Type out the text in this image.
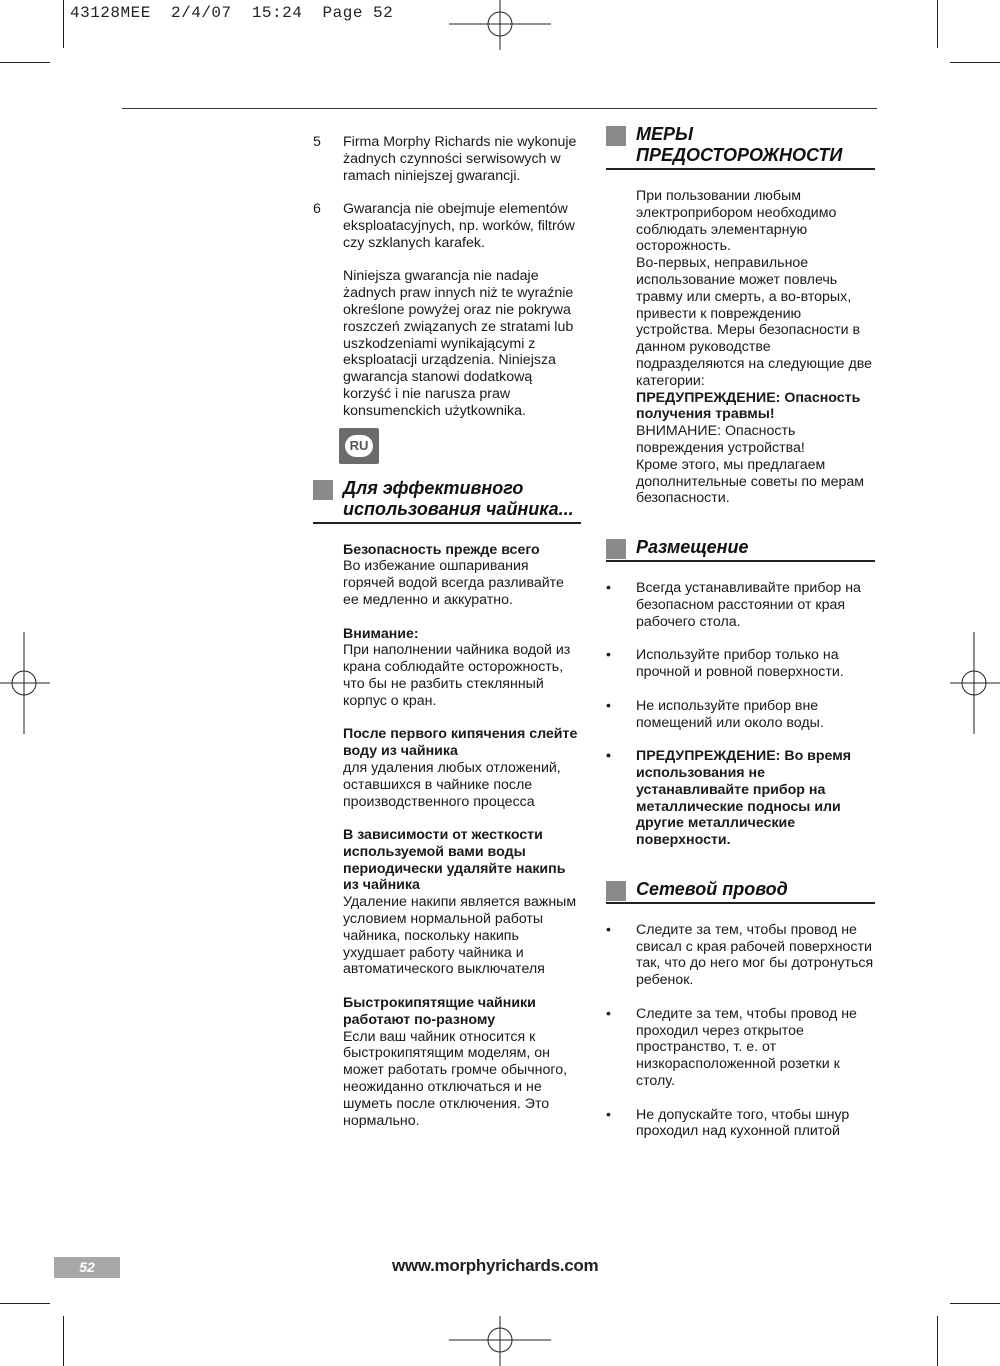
43128MEE  2/4/07  15:24  Page 52
5 Firma Morphy Richards nie wykonuje żadnych czynności serwisowych w ramach niniejszej gwarancji.

6 Gwarancja nie obejmuje elementów eksploatacyjnych, np. worków, filtrów czy szklanych karafek.

Niniejsza gwarancja nie nadaje żadnych praw innych niż te wyraźnie określone powyżej oraz nie pokrywa roszczeń związanych ze stratami lub uszkodzeniami wynikającymi z eksploatacji urządzenia. Niniejsza gwarancja stanowi dodatkową korzyść i nie narusza praw konsumenckich użytkownika.

RU
Для эффективного использования чайника...

Безопасность прежде всего

Во избежание ошпаривания горячей водой всегда разливайте ее медленно и аккуратно.

Внимание:

При наполнении чайника водой из крана соблюдайте осторожность, что бы не разбить стеклянный корпус о кран.

После первого кипячения слейте воду из чайника

для удаления любых отложений, оставшихся в чайнике после производственного процесса

В зависимости от жесткости используемой вами воды периодически удаляйте накипь из чайника

Удаление накипи является важным условием нормальной работы чайника, поскольку накипь ухудшает работу чайника и автоматического выключателя

Быстрокипятящие чайники работают по-разному

Если ваш чайник относится к быстрокипятящим моделям, он может работать громче обычного, неожиданно отключаться и не шуметь после отключения. Это нормально.

МЕРЫ ПРЕДОСТОРОЖНОСТИ

При пользовании любым электроприбором необходимо соблюдать элементарную осторожность.

Во-первых, неправильное использование может повлечь травму или смерть, а во-вторых, привести к повреждению устройства. Меры безопасности в данном руководстве подразделяются на следующие две категории:

ПРЕДУПРЕЖДЕНИЕ: Опасность получения травмы!

ВНИМАНИЕ: Опасность повреждения устройства!

Кроме этого, мы предлагаем дополнительные советы по мерам безопасности.

Размещение
• Всегда устанавливайте прибор на безопасном расстоянии от края рабочего стола.

• Используйте прибор только на прочной и ровной поверхности.

• Не используйте прибор вне помещений или около воды.

• ПРЕДУПРЕЖДЕНИЕ: Во время использования не устанавливайте прибор на металлические подносы или другие металлические поверхности.

Сетевой провод
• Следите за тем, чтобы провод не свисал с края рабочей поверхности так, что до него мог бы дотронуться ребенок.

• Следите за тем, чтобы провод не проходил через открытое пространство, т. е. от низкорасположенной розетки к столу.

• Не допускайте того, чтобы шнур проходил над кухонной плитой

52	www.morphyrichards.com
